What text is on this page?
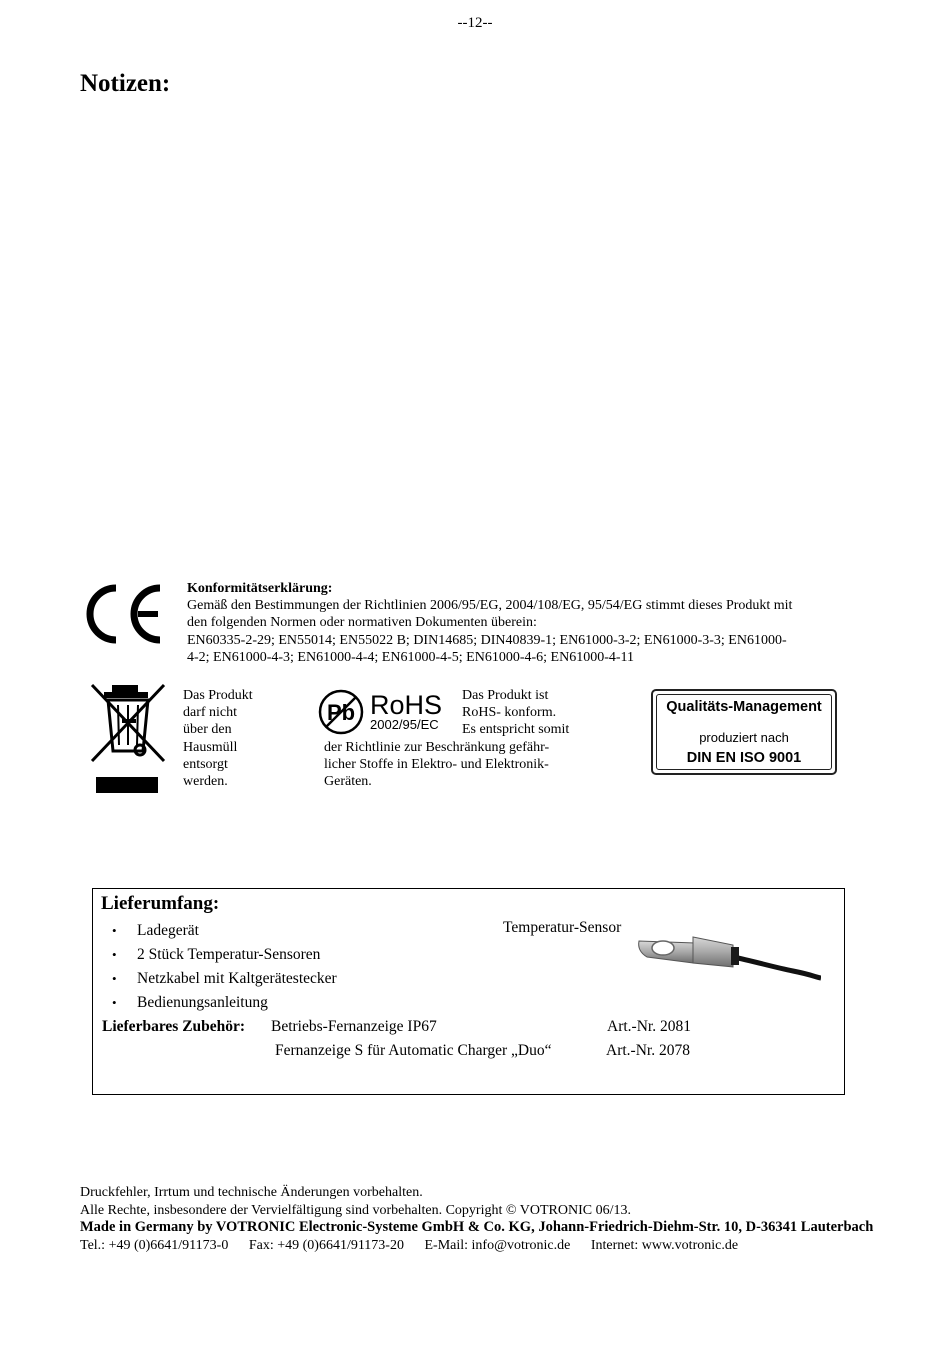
--12--
Notizen:
Konformitätserklärung:
Gemäß den Bestimmungen der Richtlinien 2006/95/EG, 2004/108/EG, 95/54/EG stimmt dieses Produkt mit
den folgenden Normen oder normativen Dokumenten überein:
EN60335-2-29; EN55014; EN55022 B; DIN14685; DIN40839-1; EN61000-3-2; EN61000-3-3; EN61000-
4-2; EN61000-4-3; EN61000-4-4; EN61000-4-5; EN61000-4-6; EN61000-4-11
Das Produkt
darf nicht
über den
Hausmüll
entsorgt
werden.
Pb RoHS
2002/95/EC
Das Produkt ist
RoHS- konform.
Es entspricht somit
der Richtlinie zur Beschränkung gefähr-
licher Stoffe in Elektro- und Elektronik-
Geräten.
Qualitäts-Management
produziert nach
DIN EN ISO 9001
Lieferumfang:
•	Ladegerät
•	2 Stück Temperatur-Sensoren
•	Netzkabel mit Kaltgerätestecker
•	Bedienungsanleitung
Temperatur-Sensor
Lieferbares Zubehör: Betriebs-Fernanzeige IP67	Art.-Nr. 2081
Fernanzeige S für Automatic Charger „Duo“	Art.-Nr. 2078
Druckfehler, Irrtum und technische Änderungen vorbehalten.
Alle Rechte, insbesondere der Vervielfältigung sind vorbehalten. Copyright © VOTRONIC 06/13.
Made in Germany by VOTRONIC Electronic-Systeme GmbH & Co. KG, Johann-Friedrich-Diehm-Str. 10, D-36341 Lauterbach
Tel.: +49 (0)6641/91173-0 Fax: +49 (0)6641/91173-20 E-Mail: info@votronic.de Internet: www.votronic.de
